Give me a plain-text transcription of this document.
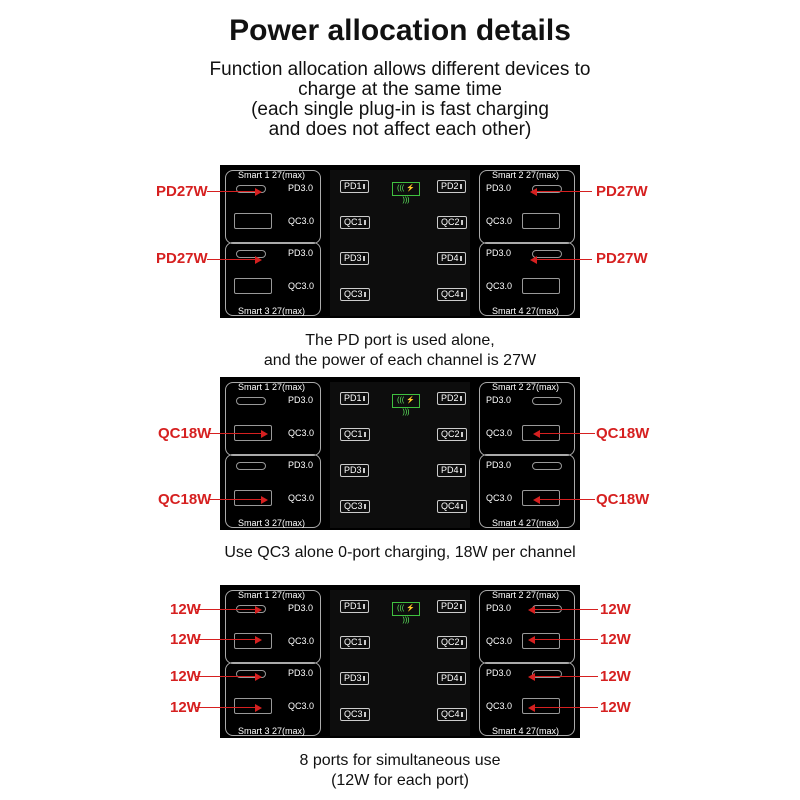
Power allocation details
Function allocation allows different devices to
charge at the same time
(each single plug-in is fast charging
and does not affect each other)
Smart 1 27(max)
PD3.0
QC3.0
Smart 2 27(max)
PD3.0
QC3.0
Smart 3 27(max)
PD3.0
QC3.0
Smart 4 27(max)
PD3.0
QC3.0
PD1	PD2
QC1	QC2
PD3	PD4
QC3	QC4
((( ⚡ )))
Smart 1 27(max)
PD3.0
QC3.0
Smart 2 27(max)
PD3.0
QC3.0
Smart 3 27(max)
PD3.0
QC3.0
Smart 4 27(max)
PD3.0
QC3.0
PD1	PD2
QC1	QC2
PD3	PD4
QC3	QC4
((( ⚡ )))
Smart 1 27(max)
PD3.0
QC3.0
Smart 2 27(max)
PD3.0
QC3.0
Smart 3 27(max)
PD3.0
QC3.0
Smart 4 27(max)
PD3.0
QC3.0
PD1	PD2
QC1	QC2
PD3	PD4
QC3	QC4
((( ⚡ )))
The PD port is used alone,
and the power of each channel is 27W
Use QC3 alone 0-port charging, 18W per channel
8 ports for simultaneous use
(12W for each port)
PD27W	PD27W
PD27W	PD27W
QC18W	QC18W
QC18W	QC18W
12W
12W
12W
12W
12W
12W
12W
12W
